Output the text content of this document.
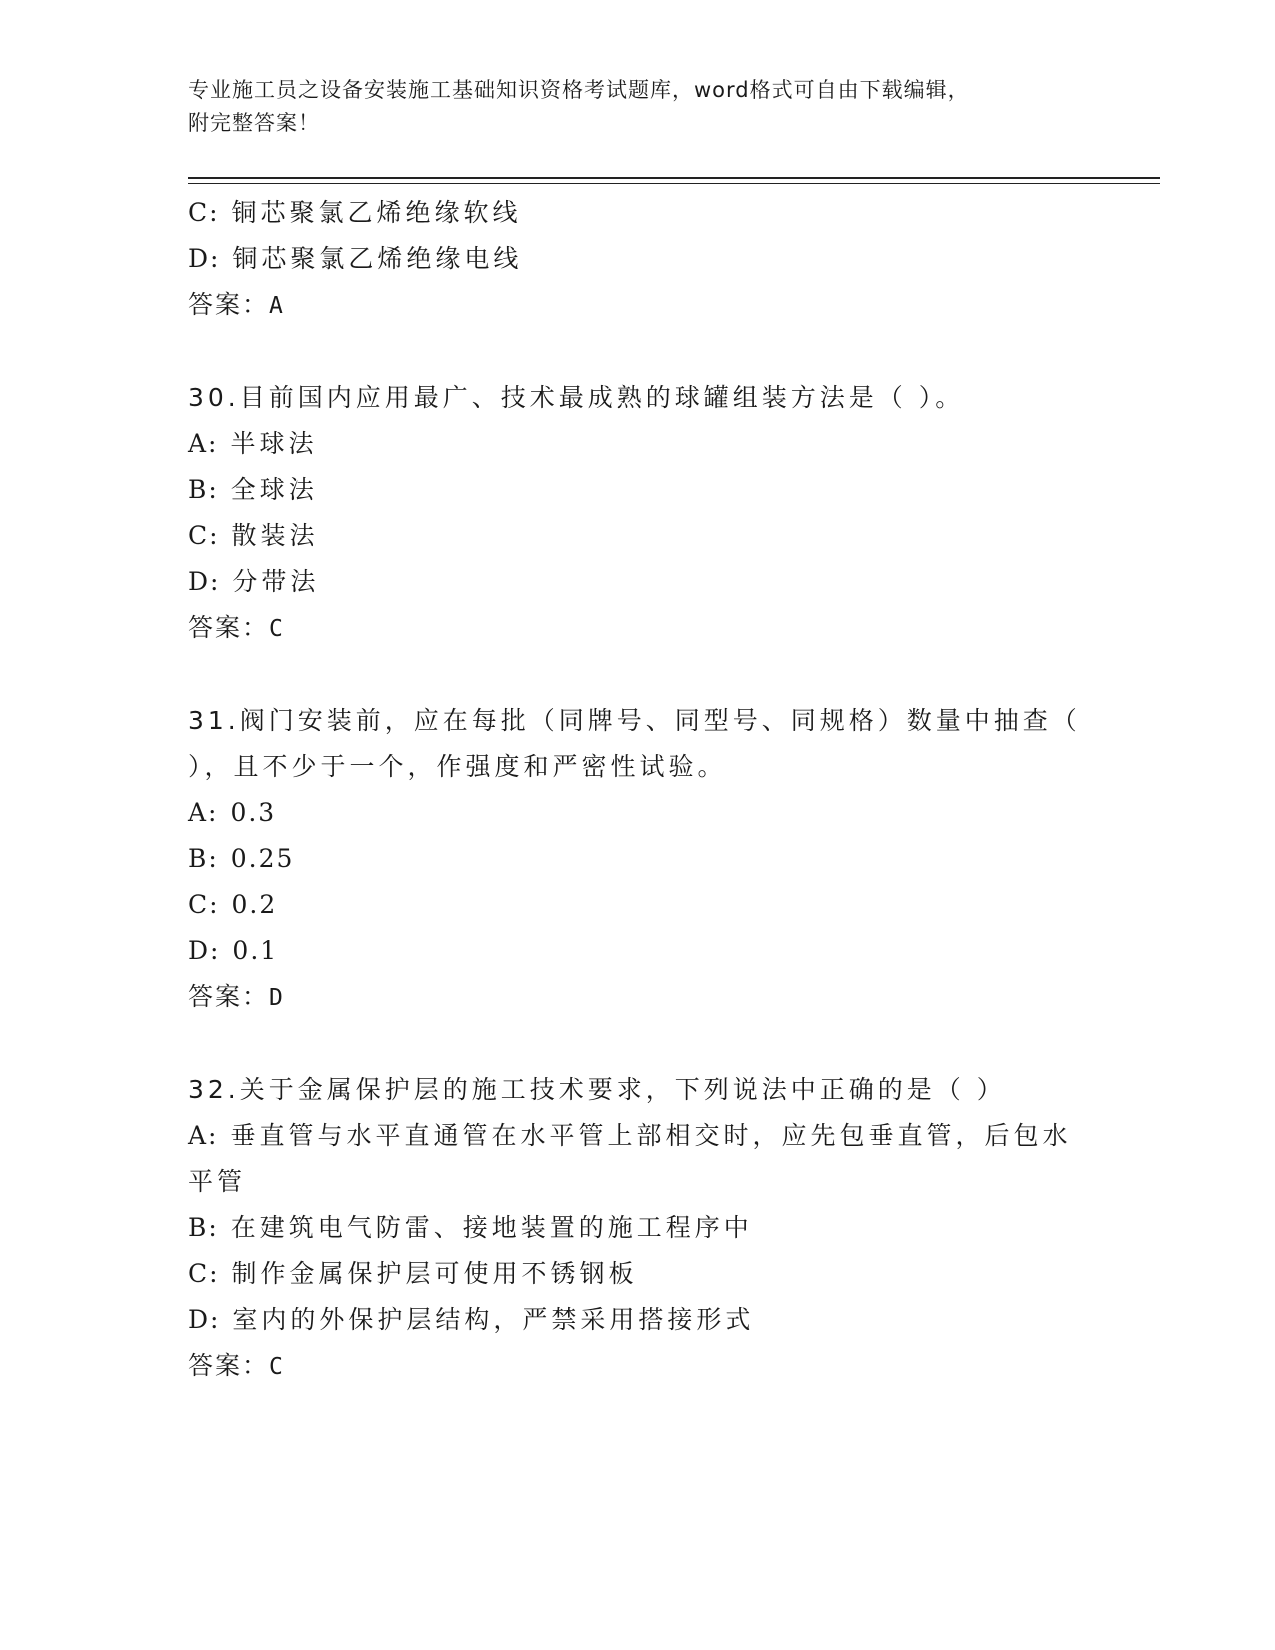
专业施工员之设备安装施工基础知识资格考试题库，word格式可自由下载编辑，
附完整答案！
C: 铜芯聚氯乙烯绝缘软线
D: 铜芯聚氯乙烯绝缘电线
答案：A
30.目前国内应用最广、技术最成熟的球罐组装方法是（ ）。
A: 半球法
B: 全球法
C: 散装法
D: 分带法
答案：C
31.阀门安装前，应在每批（同牌号、同型号、同规格）数量中抽查（
），且不少于一个，作强度和严密性试验。
A: 0.3
B: 0.25
C: 0.2
D: 0.1
答案：D
32.关于金属保护层的施工技术要求，下列说法中正确的是（ ）
A: 垂直管与水平直通管在水平管上部相交时，应先包垂直管，后包水
平管
B: 在建筑电气防雷、接地装置的施工程序中
C: 制作金属保护层可使用不锈钢板
D: 室内的外保护层结构，严禁采用搭接形式
答案：C
